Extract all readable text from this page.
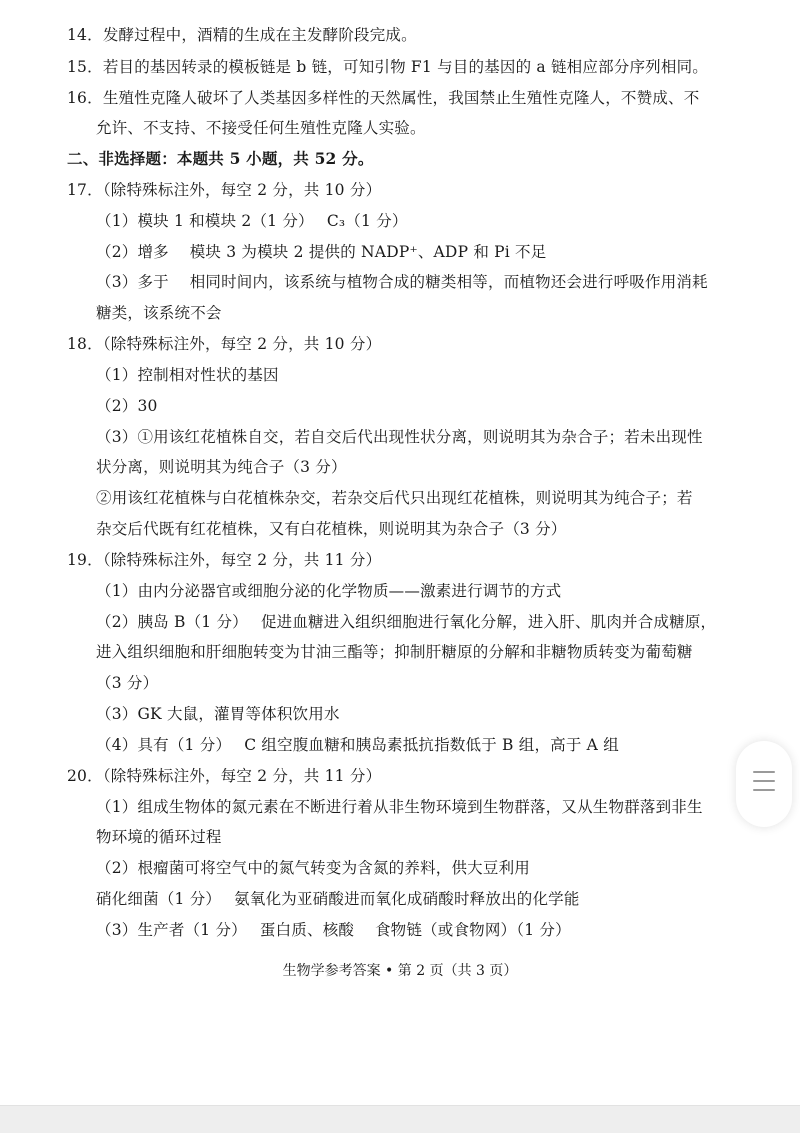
14．发酵过程中，酒精的生成在主发酵阶段完成。
15．若目的基因转录的模板链是 b 链，可知引物 F1 与目的基因的 a 链相应部分序列相同。
16．生殖性克隆人破坏了人类基因多样性的天然属性，我国禁止生殖性克隆人，不赞成、不
允许、不支持、不接受任何生殖性克隆人实验。
二、非选择题：本题共 5 小题，共 52 分。
17．（除特殊标注外，每空 2 分，共 10 分）
（1）模块 1 和模块 2（1 分）　 C₃（1 分）
（2）增多　 模块 3 为模块 2 提供的 NADP⁺、ADP 和 Pi 不足
（3）多于　 相同时间内，该系统与植物合成的糖类相等，而植物还会进行呼吸作用消耗
糖类，该系统不会
18．（除特殊标注外，每空 2 分，共 10 分）
（1）控制相对性状的基因
（2）30
（3）①用该红花植株自交，若自交后代出现性状分离，则说明其为杂合子；若未出现性
状分离，则说明其为纯合子（3 分）
②用该红花植株与白花植株杂交，若杂交后代只出现红花植株，则说明其为纯合子；若
杂交后代既有红花植株，又有白花植株，则说明其为杂合子（3 分）
19．（除特殊标注外，每空 2 分，共 11 分）
（1）由内分泌器官或细胞分泌的化学物质——激素进行调节的方式
（2）胰岛 B（1 分）　 促进血糖进入组织细胞进行氧化分解，进入肝、肌肉并合成糖原，
进入组织细胞和肝细胞转变为甘油三酯等；抑制肝糖原的分解和非糖物质转变为葡萄糖
（3 分）
（3）GK 大鼠，灌胃等体积饮用水
（4）具有（1 分）　 C 组空腹血糖和胰岛素抵抗指数低于 B 组，高于 A 组
20．（除特殊标注外，每空 2 分，共 11 分）
（1）组成生物体的氮元素在不断进行着从非生物环境到生物群落，又从生物群落到非生
物环境的循环过程
（2）根瘤菌可将空气中的氮气转变为含氮的养料，供大豆利用
硝化细菌（1 分）　 氨氧化为亚硝酸进而氧化成硝酸时释放出的化学能
（3）生产者（1 分）　 蛋白质、核酸　 食物链（或食物网）（1 分）
生物学参考答案 • 第 2 页（共 3 页）
